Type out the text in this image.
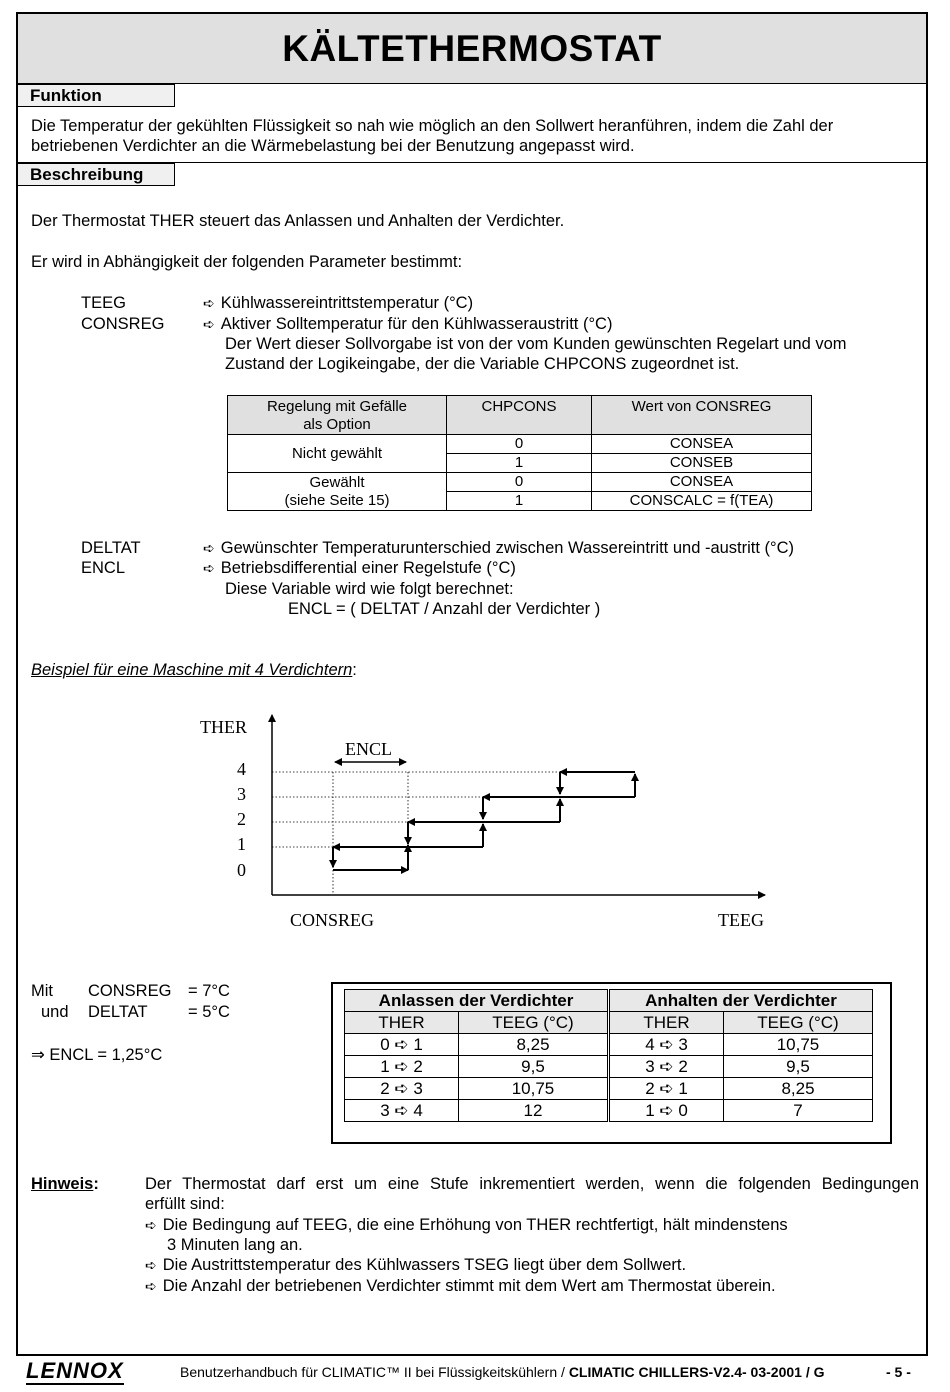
KÄLTETHERMOSTAT
Funktion
Die Temperatur der gekühlten Flüssigkeit so nah wie möglich an den Sollwert heranführen, indem die Zahl der
betriebenen Verdichter an die Wärmebelastung bei der Benutzung angepasst wird.
Beschreibung
Der Thermostat THER steuert das Anlassen und Anhalten der Verdichter.
Er wird in Abhängigkeit der folgenden Parameter bestimmt:
TEEG	➪ Kühlwassereintrittstemperatur (°C)
CONSREG	➪ Aktiver Solltemperatur für den Kühlwasseraustritt (°C)
Der Wert dieser Sollvorgabe ist von der vom Kunden gewünschten Regelart und vom
Zustand der Logikeingabe, der die Variable CHPCONS zugeordnet ist.
Regelung mit Gefälle
als Option	CHPCONS	Wert von CONSREG
Nicht gewählt	0	CONSEA
	1	CONSEB
Gewählt
(siehe Seite 15)	0	CONSEA
	1	CONSCALC = f(TEA)
DELTAT	➪ Gewünschter Temperaturunterschied zwischen Wassereintritt und -austritt (°C)
ENCL	➪ Betriebsdifferential einer Regelstufe (°C)
Diese Variable wird wie folgt berechnet:
ENCL = ( DELTAT / Anzahl der Verdichter )
Beispiel für eine Maschine mit 4 Verdichtern:
THER
TEEG
CONSREG
4
3
2
1
0
ENCL
Mit CONSREG = 7°C
und DELTAT = 5°C
⇒ ENCL = 1,25°C
Anlassen der Verdichter	
THER	TEEG (°C)
0 ➪ 1	8,25
1 ➪ 2	9,5
2 ➪ 3	10,75
3 ➪ 4	12
Anhalten der Verdichter	
THER	TEEG (°C)
4 ➪ 3	10,75
3 ➪ 2	9,5
2 ➪ 1	8,25
1 ➪ 0	7
Hinweis:	Der Thermostat darf erst um eine Stufe inkrementiert werden, wenn die folgenden Bedingungen
erfüllt sind:
➪ Die Bedingung auf TEEG, die eine Erhöhung von THER rechtfertigt, hält mindenstens
3 Minuten lang an.
➪ Die Austrittstemperatur des Kühlwassers TSEG liegt über dem Sollwert.
➪ Die Anzahl der betriebenen Verdichter stimmt mit dem Wert am Thermostat überein.
LENNOX	Benutzerhandbuch für CLIMATIC™ II bei Flüssigkeitskühlern / CLIMATIC CHILLERS-V2.4- 03-2001 / G	- 5 -
